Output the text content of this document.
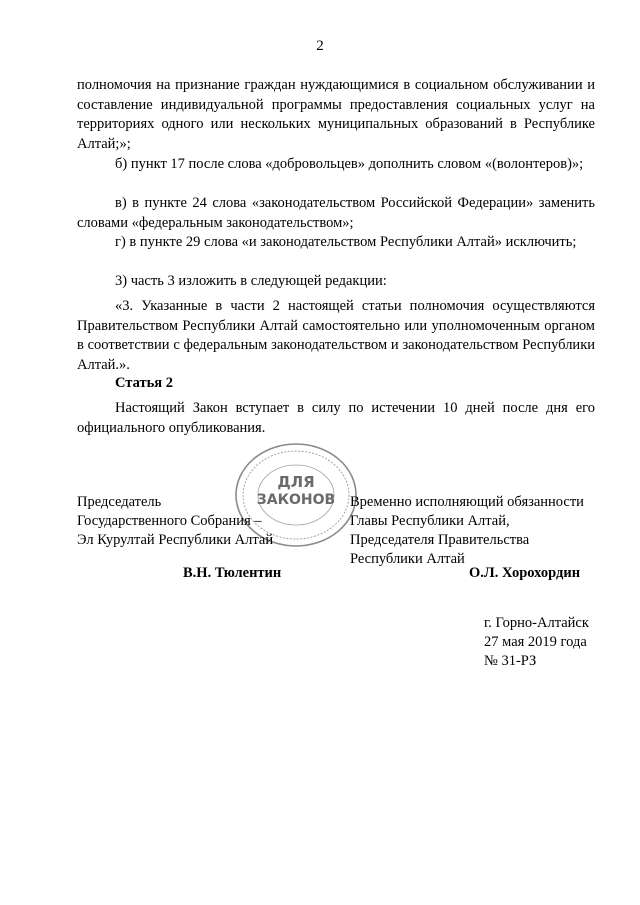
2

полномочия на признание граждан нуждающимися в социальном обслуживании и составление индивидуальной программы предоставления социальных услуг на территориях одного или нескольких муниципальных образований в Республике Алтай;»;

б) пункт 17 после слова «добровольцев» дополнить словом «(волонтеров)»;

в) в пункте 24 слова «законодательством Российской Федерации» заменить словами «федеральным законодательством»;

г) в пункте 29 слова «и законодательством Республики Алтай» исключить;

3) часть 3 изложить в следующей редакции:

«3. Указанные в части 2 настоящей статьи полномочия осуществляются Правительством Республики Алтай самостоятельно или уполномоченным органом в соответствии с федеральным законодательством и законодательством Республики Алтай.».

Статья 2

Настоящий Закон вступает в силу по истечении 10 дней после дня его официального опубликования.

ДЛЯ
ЗАКОНОВ
Председатель
Государственного Собрания –
Эл Курултай Республики Алтай
Временно исполняющий обязанности
Главы Республики Алтай,
Председателя Правительства
Республики Алтай
В.Н. Тюлентин	О.Л. Хорохордин
г. Горно-Алтайск
27 мая 2019 года
№ 31-РЗ
